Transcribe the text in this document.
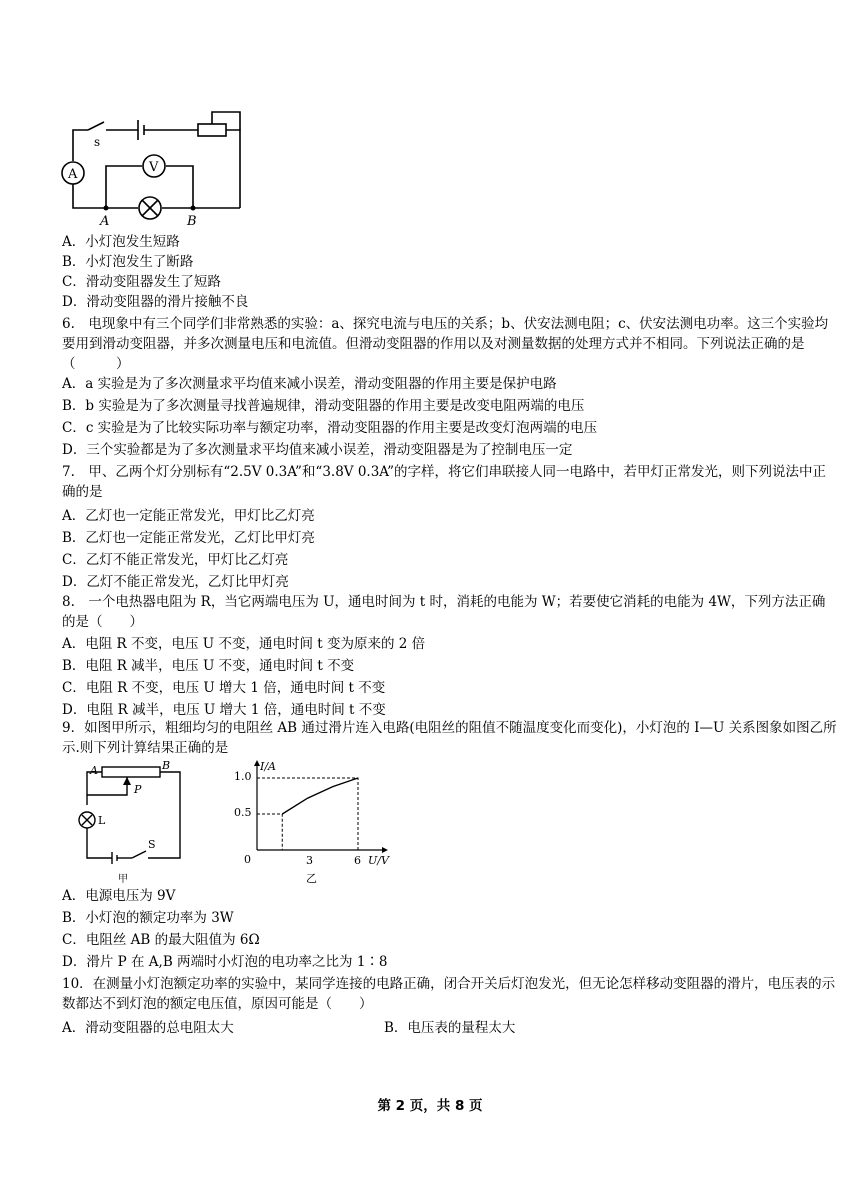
A	V
s
A	B
A．小灯泡发生短路
B．小灯泡发生了断路
C．滑动变阻器发生了短路
D．滑动变阻器的滑片接触不良
6.　电现象中有三个同学们非常熟悉的实验：a、探究电流与电压的关系；b、伏安法测电阻；c、伏安法测电功率。这三个实验均要用到滑动变阻器，并多次测量电压和电流值。但滑动变阻器的作用以及对测量数据的处理方式并不相同。下列说法正确的是（　　　）
A．a 实验是为了多次测量求平均值来减小误差，滑动变阻器的作用主要是保护电路
B．b 实验是为了多次测量寻找普遍规律，滑动变阻器的作用主要是改变电阻两端的电压
C．c 实验是为了比较实际功率与额定功率，滑动变阻器的作用主要是改变灯泡两端的电压
D．三个实验都是为了多次测量求平均值来减小误差，滑动变阻器是为了控制电压一定
7.　甲、乙两个灯分别标有“2.5V 0.3A”和“3.8V 0.3A”的字样，将它们串联接人同一电路中，若甲灯正常发光，则下列说法中正确的是
A．乙灯也一定能正常发光，甲灯比乙灯亮
B．乙灯也一定能正常发光，乙灯比甲灯亮
C．乙灯不能正常发光，甲灯比乙灯亮
D．乙灯不能正常发光，乙灯比甲灯亮
8.　一个电热器电阻为 R，当它两端电压为 U，通电时间为 t 时，消耗的电能为 W；若要使它消耗的电能为 4W，下列方法正确的是（　　）
A．电阻 R 不变，电压 U 不变，通电时间 t 变为原来的 2 倍
B．电阻 R 减半，电压 U 不变，通电时间 t 不变
C．电阻 R 不变，电压 U 增大 1 倍，通电时间 t 不变
D．电阻 R 减半，电压 U 增大 1 倍，通电时间 t 不变
9．如图甲所示，粗细均匀的电阻丝 AB 通过滑片连入电路(电阻丝的阻值不随温度变化而变化)，小灯泡的 I—U 关系图象如图乙所示.则下列计算结果正确的是
A	B
P
L
S
甲
I/A
U/V
0
1.0
0.5
3	6
乙
A．电源电压为 9V
B．小灯泡的额定功率为 3W
C．电阻丝 AB 的最大阻值为 6Ω
D．滑片 P 在 A,B 两端时小灯泡的电功率之比为 1∶8
10．在测量小灯泡额定功率的实验中，某同学连接的电路正确，闭合开关后灯泡发光，但无论怎样移动变阻器的滑片，电压表的示数都达不到灯泡的额定电压值，原因可能是（　　）
A．滑动变阻器的总电阻太大	B．电压表的量程太大
第 2 页，共 8 页
